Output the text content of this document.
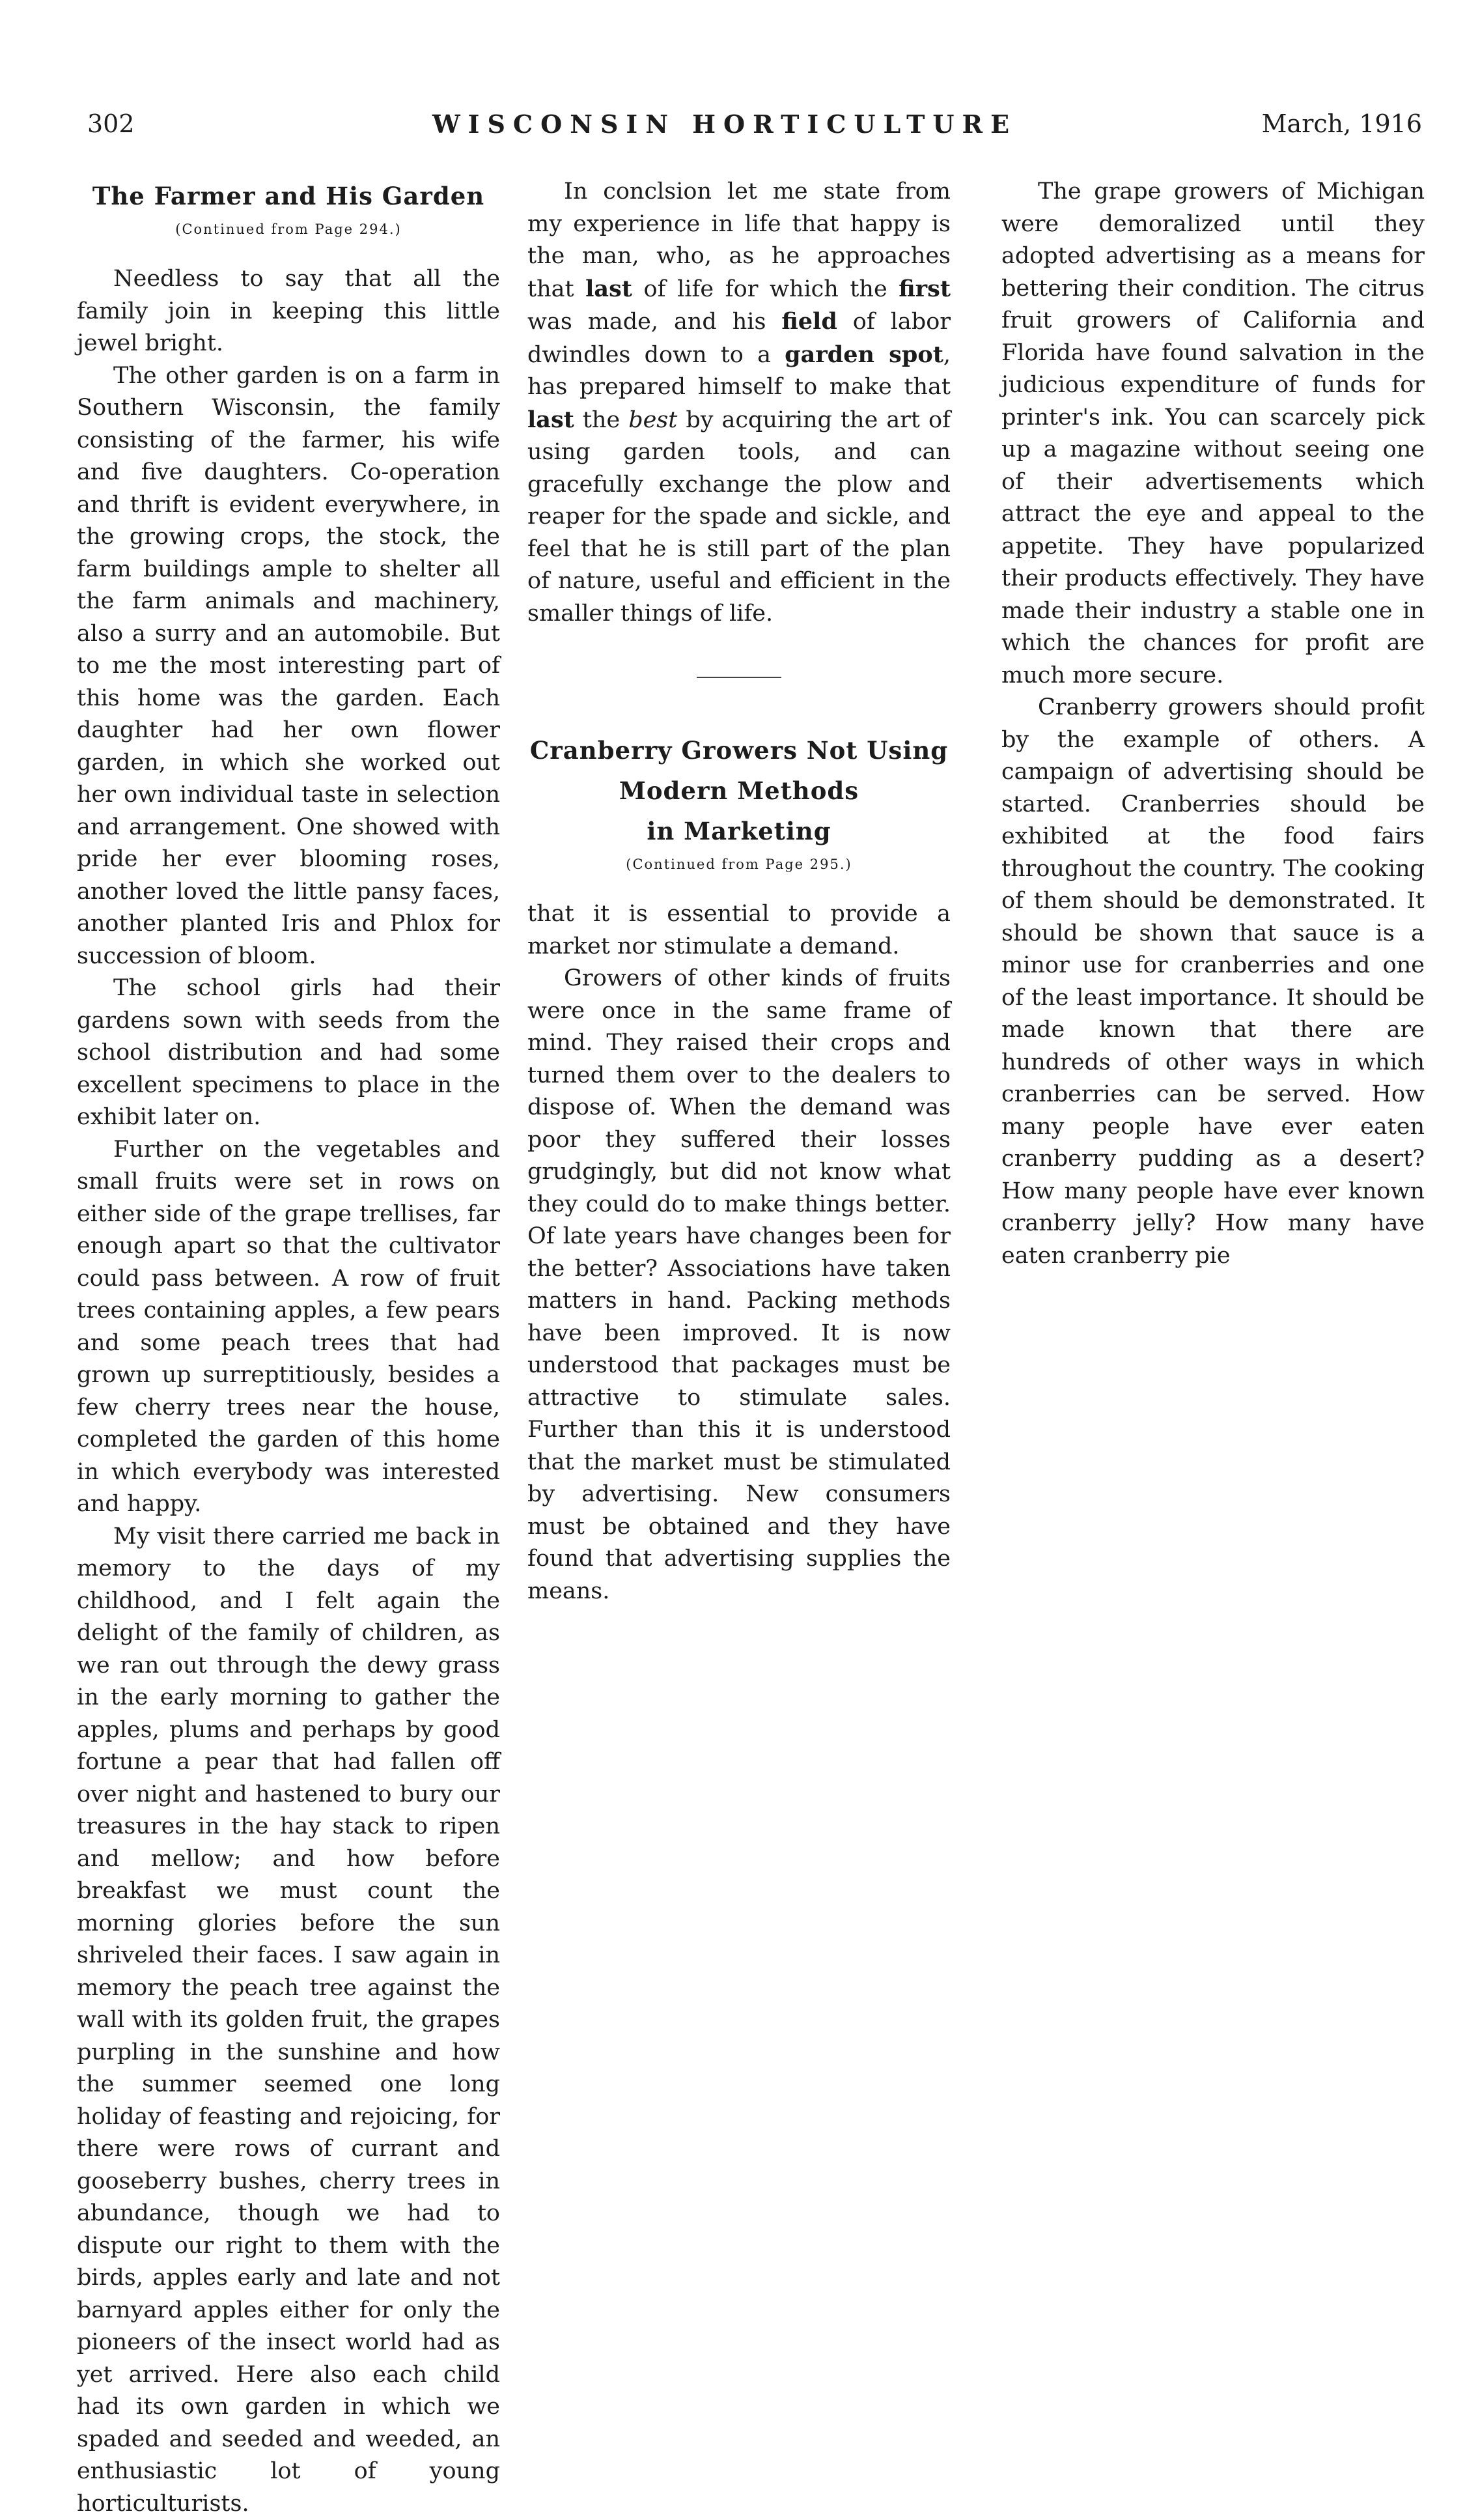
302	WISCONSIN HORTICULTURE	March, 1916
The Farmer and His Garden
(Continued from Page 294.)

Needless to say that all the family join in keeping this little jewel bright.

The other garden is on a farm in Southern Wisconsin, the family consisting of the farmer, his wife and five daughters. Co-operation and thrift is evident everywhere, in the growing crops, the stock, the farm buildings ample to shelter all the farm animals and machinery, also a surry and an automobile. But to me the most interesting part of this home was the garden. Each daughter had her own flower garden, in which she worked out her own individual taste in selection and arrangement. One showed with pride her ever blooming roses, another loved the little pansy faces, another planted Iris and Phlox for succession of bloom.

The school girls had their gardens sown with seeds from the school distribution and had some excellent specimens to place in the exhibit later on.

Further on the vegetables and small fruits were set in rows on either side of the grape trellises, far enough apart so that the cultivator could pass between. A row of fruit trees containing apples, a few pears and some peach trees that had grown up surreptitiously, besides a few cherry trees near the house, completed the garden of this home in which everybody was interested and happy.

My visit there carried me back in memory to the days of my childhood, and I felt again the delight of the family of children, as we ran out through the dewy grass in the early morning to gather the apples, plums and perhaps by good fortune a pear that had fallen off over night and hastened to bury our treasures in the hay stack to ripen and mellow; and how before breakfast we must count the morning glories before the sun shriveled their faces. I saw again in memory the peach tree against the wall with its golden fruit, the grapes purpling in the sunshine and how the summer seemed one long holiday of feasting and rejoicing, for there were rows of currant and gooseberry bushes, cherry trees in abundance, though we had to dispute our right to them with the birds, apples early and late and not barnyard apples either for only the pioneers of the insect world had as yet arrived. Here also each child had its own garden in which we spaded and seeded and weeded, an enthusiastic lot of young horticulturists.

In conclsion let me state from my experience in life that happy is the man, who, as he approaches that last of life for which the first was made, and his field of labor dwindles down to a garden spot, has prepared himself to make that last the best by acquiring the art of using garden tools, and can gracefully exchange the plow and reaper for the spade and sickle, and feel that he is still part of the plan of nature, useful and efficient in the smaller things of life.

Cranberry Growers Not Using
Modern Methods
in Marketing
(Continued from Page 295.)

that it is essential to provide a market nor stimulate a demand.

Growers of other kinds of fruits were once in the same frame of mind. They raised their crops and turned them over to the dealers to dispose of. When the demand was poor they suffered their losses grudgingly, but did not know what they could do to make things better. Of late years have changes been for the better? Associations have taken matters in hand. Packing methods have been improved. It is now understood that packages must be attractive to stimulate sales. Further than this it is understood that the market must be stimulated by advertising. New consumers must be obtained and they have found that advertising supplies the means.

The grape growers of Michigan were demoralized until they adopted advertising as a means for bettering their condition. The citrus fruit growers of California and Florida have found salvation in the judicious expenditure of funds for printer's ink. You can scarcely pick up a magazine without seeing one of their advertisements which attract the eye and appeal to the appetite. They have popularized their products effectively. They have made their industry a stable one in which the chances for profit are much more secure.

Cranberry growers should profit by the example of others. A campaign of advertising should be started. Cranberries should be exhibited at the food fairs throughout the country. The cooking of them should be demonstrated. It should be shown that sauce is a minor use for cranberries and one of the least importance. It should be made known that there are hundreds of other ways in which cranberries can be served. How many people have ever eaten cranberry pudding as a desert? How many people have ever known cranberry jelly? How many have eaten cranberry pie
